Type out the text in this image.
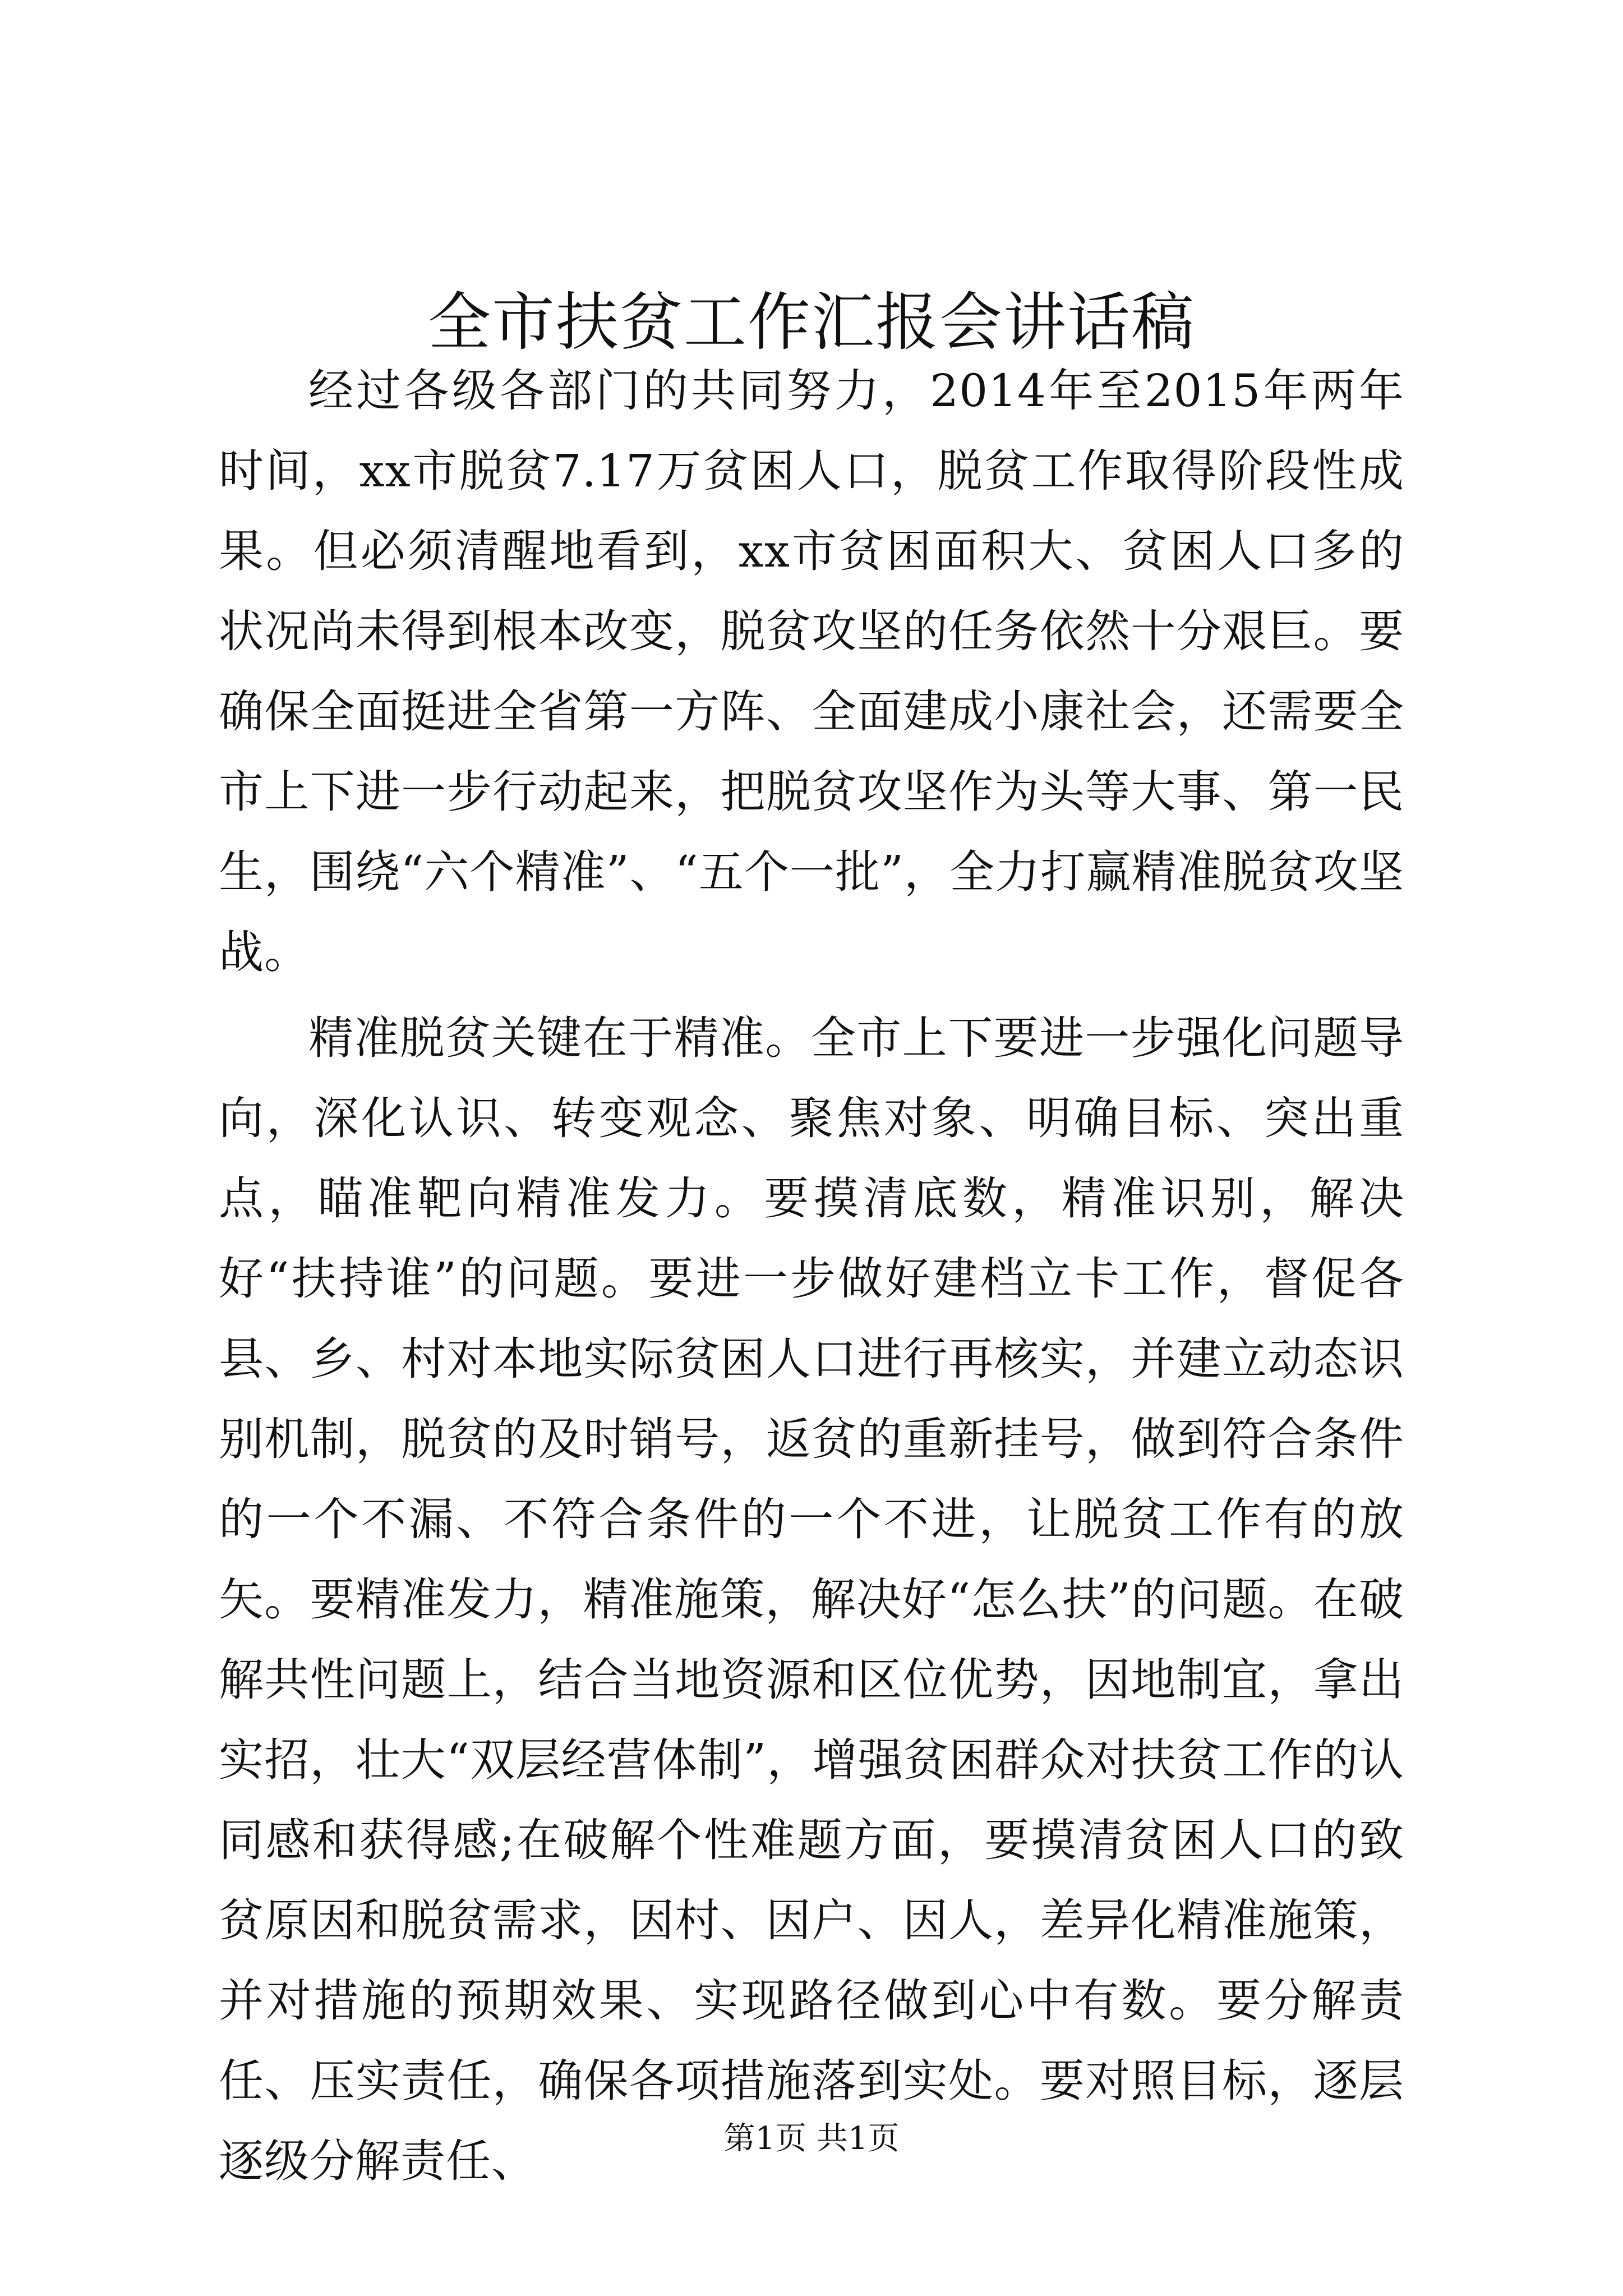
全市扶贫工作汇报会讲话稿

经过各级各部门的共同努力，2014年至2015年两年时间，xx市脱贫7.17万贫困人口，脱贫工作取得阶段性成果。但必须清醒地看到，xx市贫困面积大、贫困人口多的状况尚未得到根本改变，脱贫攻坚的任务依然十分艰巨。要确保全面挺进全省第一方阵、全面建成小康社会，还需要全市上下进一步行动起来，把脱贫攻坚作为头等大事、第一民生，围绕“六个精准”、“五个一批”，全力打赢精准脱贫攻坚战。

精准脱贫关键在于精准。全市上下要进一步强化问题导向，深化认识、转变观念、聚焦对象、明确目标、突出重点，瞄准靶向精准发力。要摸清底数，精准识别，解决好“扶持谁”的问题。要进一步做好建档立卡工作，督促各县、乡、村对本地实际贫困人口进行再核实，并建立动态识别机制，脱贫的及时销号，返贫的重新挂号，做到符合条件的一个不漏、不符合条件的一个不进，让脱贫工作有的放矢。要精准发力，精准施策，解决好“怎么扶”的问题。在破解共性问题上，结合当地资源和区位优势，因地制宜，拿出实招，壮大“双层经营体制”，增强贫困群众对扶贫工作的认同感和获得感;在破解个性难题方面，要摸清贫困人口的致贫原因和脱贫需求，因村、因户、因人，差异化精准施策，并对措施的预期效果、实现路径做到心中有数。要分解责任、压实责任，确保各项措施落到实处。要对照目标，逐层逐级分解责任、	第1页 共1页
